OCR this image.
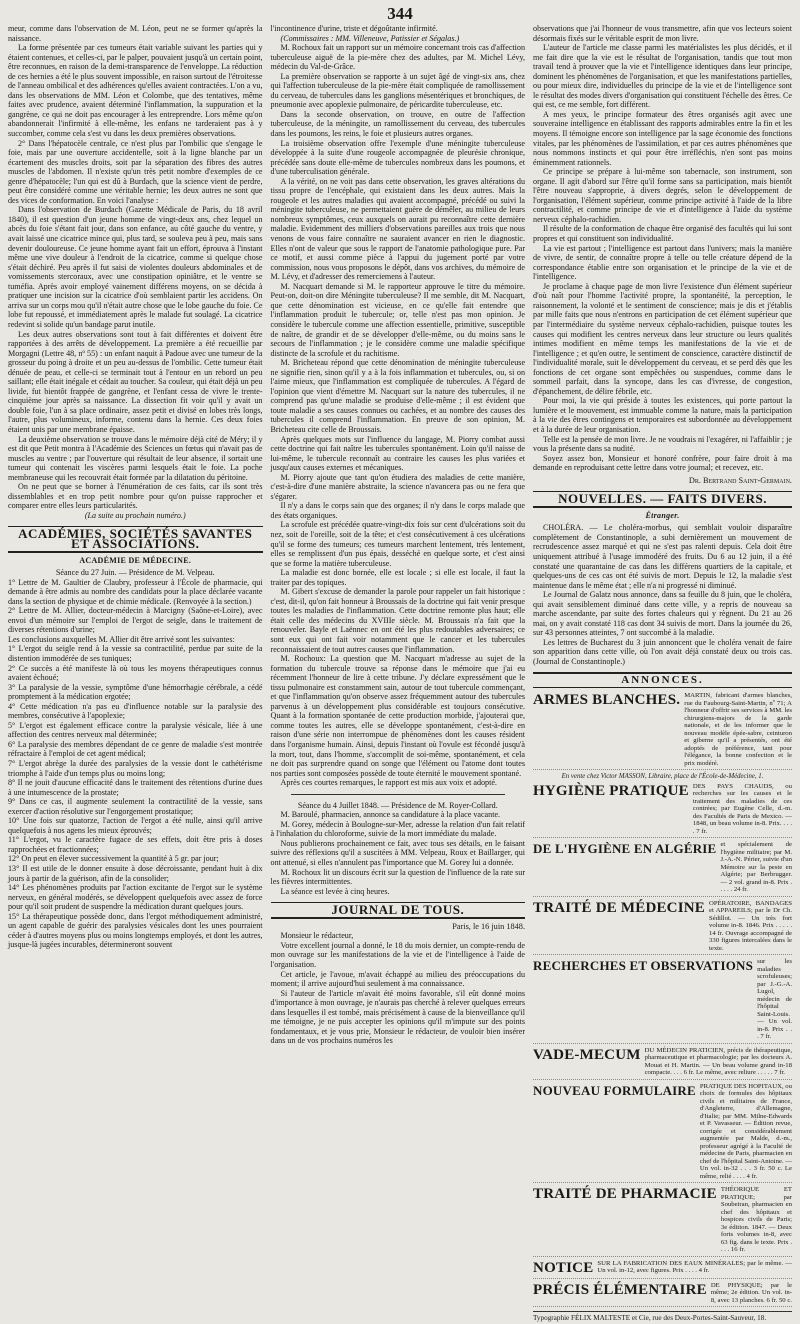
344

meur, comme dans l'observation de M. Léon, peut ne se former qu'après la naissance.

La forme présentée par ces tumeurs était variable suivant les parties qui y étaient contenues, et celles-ci, par le palper, pouvaient jusqu'à un certain point, être reconnues, en raison de la demi-transparence de l'enveloppe. La réduction de ces hernies a été le plus souvent impossible, en raison surtout de l'étroitesse de l'anneau ombilical et des adhérences qu'elles avaient contractées. L'on a vu, dans les observations de MM. Léon et Colombe, que des tentatives, même faites avec prudence, avaient déterminé l'inflammation, la suppuration et la gangrène, ce qui ne doit pas encourager à les entreprendre. Lors même qu'on abandonnerait l'infirmité à elle-même, les enfans ne tarderaient pas à y succomber, comme cela s'est vu dans les deux premières observations.

2° Dans l'hépatocèle centrale, ce n'est plus par l'ombilic que s'engage le foie, mais par une ouverture accidentelle, soit à la ligne blanche par un écartement des muscles droits, soit par la séparation des fibres des autres muscles de l'abdomen. Il n'existe qu'un très petit nombre d'exemples de ce genre d'hépatocèle; l'un qui est dû à Burdach, que la science vient de perdre, peut être considéré comme une véritable hernie; les deux autres ne sont que des vices de conformation. En voici l'analyse :

Dans l'observation de Burdach (Gazette Médicale de Paris, du 18 avril 1840), il est question d'un jeune homme de vingt-deux ans, chez lequel un abcès du foie s'étant fait jour, dans son enfance, au côté gauche du ventre, y avait laissé une cicatrice mince qui, plus tard, se souleva peu à peu, mais sans devenir douloureuse. Ce jeune homme ayant fait un effort, éprouva à l'instant même une vive douleur à l'endroit de la cicatrice, comme si quelque chose s'était déchiré. Peu après il fut saisi de violentes douleurs abdominales et de vomissements stercoraux, avec une constipation opiniâtre, et le ventre se tuméfia. Après avoir employé vainement différens moyens, on se décida à pratiquer une incision sur la cicatrice d'où semblaient partir les accidens. On arriva sur un corps mou qu'il n'était autre chose que le lobe gauche du foie. Ce lobe fut repoussé, et immédiatement après le malade fut soulagé. La cicatrice redevint si solide qu'un bandage parut inutile.

Les deux autres observations sont tout à fait différentes et doivent être rapportées à des arrêts de développement. La première a été recueillie par Morgagni (Lettre 48, nº 55) : un enfant naquit à Padoue avec une tumeur de la grosseur du poing à droite et un peu au-dessus de l'ombilic. Cette tumeur était dénuée de peau, et celle-ci se terminait tout à l'entour en un rebord un peu saillant; elle était inégale et cédait au toucher. Sa couleur, qui était déjà un peu livide, fut bientôt frappée de gangrène, et l'enfant cessa de vivre le trente-cinquième jour après sa naissance. La dissection fit voir qu'il y avait un double foie, l'un à sa place ordinaire, assez petit et divisé en lobes très longs, l'autre, plus volumineux, informe, contenu dans la hernie. Ces deux foies étaient unis par une membrane épaisse.

La deuxième observation se trouve dans le mémoire déjà cité de Méry; il y est dit que Petit montra à l'Académie des Sciences un fœtus qui n'avait pas de muscles au ventre ; par l'ouverture qui résultait de leur absence, il sortait une tumeur qui contenait les viscères parmi lesquels était le foie. La poche membraneuse qui les recouvrait était formée par la dilatation du péritoine.

On ne peut que se borner à l'énumération de ces faits, car ils sont très dissemblables et en trop petit nombre pour qu'on puisse rapprocher et comparer entre elles leurs particularités.

(La suite au prochain numéro.)

ACADÉMIES, SOCIÉTÉS SAVANTES ET ASSOCIATIONS.
ACADÉMIE DE MÉDECINE.

Séance du 27 Juin. — Présidence de M. Velpeau.

1° Lettre de M. Gaultier de Claubry, professeur à l'École de pharmacie, qui demande à être admis au nombre des candidats pour la place déclarée vacante dans la section de physique et de chimie médicale. (Renvoyée à la section.)

2° Lettre de M. Allier, docteur-médecin à Marcigny (Saône-et-Loire), avec envoi d'un mémoire sur l'emploi de l'ergot de seigle, dans le traitement de diverses rétentions d'urine;

Les conclusions auxquelles M. Allier dit être arrivé sont les suivantes:

1° L'ergot du seigle rend à la vessie sa contractilité, perdue par suite de la distention immodérée de ses tuniques;

2° Ce succès a été manifeste là où tous les moyens thérapeutiques connus avaient échoué;

3° La paralysie de la vessie, symptôme d'une hémorrhagie cérébrale, a cédé promptement à la médication ergotée;

4° Cette médication n'a pas eu d'influence notable sur la paralysie des membres, consécutive à l'apoplexie;

5° L'ergot est également efficace contre la paralysie vésicale, liée à une affection des centres nerveux mal déterminée;

6° La paralysie des membres dépendant de ce genre de maladie s'est montrée réfractaire à l'emploi de cet agent médical;

7° L'ergot abrège la durée des paralysies de la vessie dont le cathétérisme triomphe à l'aide d'un temps plus ou moins long;

8° Il ne jouit d'aucune efficacité dans le traitement des rétentions d'urine dues à une intumescence de la prostate;

9° Dans ce cas, il augmente seulement la contractilité de la vessie, sans exercer d'action résolutive sur l'engorgement prostatique;

10° Une fois sur quatorze, l'action de l'ergot a été nulle, ainsi qu'il arrive quelquefois à nos agens les mieux éprouvés;

11° L'ergot, vu le caractère fugace de ses effets, doit être pris à doses rapprochées et fractionnées;

12° On peut en élever successivement la quantité à 5 gr. par jour;

13° Il est utile de le donner ensuite à dose décroissante, pendant huit à dix jours à partir de la guérison, afin de la consolider;

14° Les phénomènes produits par l'action excitante de l'ergot sur le système nerveux, en général modérés, se développent quelquefois avec assez de force pour qu'il soit prudent de suspendre la médication durant quelques jours.

15° La thérapeutique possède donc, dans l'ergot méthodiquement administré, un agent capable de guérir des paralysies vésicales dont les unes pourraient céder à d'autres moyens plus ou moins longtemps employés, et dont les autres, jusque-là jugées incurables, détermineront souvent

l'incontinence d'urine, triste et dégoûtante infirmité.

(Commissaires : MM. Villeneuve, Patissier et Ségalas.)

M. Rochoux fait un rapport sur un mémoire concernant trois cas d'affection tuberculeuse aiguë de la pie-mère chez des adultes, par M. Michel Lévy, médecin du Val-de-Grâce.

La première observation se rapporte à un sujet âgé de vingt-six ans, chez qui l'affection tuberculeuse de la pie-mère était compliquée de ramollissement du cerveau, de tubercules dans les ganglions mésentériques et bronchiques, de pneumonie avec apoplexie pulmonaire, de péricardite tuberculeuse, etc.

Dans la seconde observation, on trouve, en outre de l'affection tuberculeuse, de la méningite, un ramollissement du cerveau, des tubercules dans les poumons, les reins, le foie et plusieurs autres organes.

La troisième observation offre l'exemple d'une méningite tuberculeuse développée à la suite d'une rougeole accompagnée de pleurésie chronique, précédée sans doute elle-même de tubercules nombreux dans les poumons, et d'une tuberculisation générale.

A la vérité, on ne voit pas dans cette observation, les graves altérations du tissu propre de l'encéphale, qui existaient dans les deux autres. Mais la rougeole et les autres maladies qui avaient accompagné, précédé ou suivi la méningite tuberculeuse, ne permettaient guère de démêler, au milieu de leurs nombreux symptômes, ceux auxquels on aurait pu reconnaître cette dernière maladie. Evidemment des milliers d'observations pareilles aux trois que nous venons de vous faire connaître ne sauraient avancer en rien le diagnostic. Elles n'ont de valeur que sous le rapport de l'anatomie pathologique pure. Par ce motif, et aussi comme pièce à l'appui du jugement porté par votre commission, nous vous proposons le dépôt, dans vos archives, du mémoire de M. Lévy, et d'adresser des remerciemens à l'auteur.

M. Nacquart demande si M. le rapporteur approuve le titre du mémoire. Peut-on, doit-on dire Méningite tuberculeuse? Il me semble, dit M. Nacquart, que cette dénomination est vicieuse, en ce qu'elle fait entendre que l'inflammation produit le tubercule; or, telle n'est pas mon opinion. Je considère le tubercule comme une affection essentielle, primitive, susceptible de naître, de grandir et de se développer d'elle-même, ou du moins sans le secours de l'inflammation ; je le considère comme une maladie spécifique distincte de la scrofule et du rachitisme.

M. Bricheteau répond que cette dénomination de méningite tuberculeuse ne signifie rien, sinon qu'il y a à la fois inflammation et tubercules, ou, si on l'aime mieux, que l'inflammation est compliquée de tubercules. A l'égard de l'opinion que vient d'émettre M. Nacquart sur la nature des tubercules, il ne comprend pas qu'une maladie se produise d'elle-même ; il est évident que toute maladie a ses causes connues ou cachées, et au nombre des causes des tubercules il comprend l'inflammation. En preuve de son opinion, M. Bricheteau cite celle de Broussais.

Après quelques mots sur l'influence du langage, M. Piorry combat aussi cette doctrine qui fait naître les tubercules spontanément. Loin qu'il naisse de lui-même, le tubercule reconnaît au contraire les causes les plus variées et jusqu'aux causes externes et mécaniques.

M. Piorry ajoute que tant qu'on étudiera des maladies de cette manière, c'est-à-dire d'une manière abstraite, la science n'avancera pas ou ne fera que s'égarer.

Il n'y a dans le corps sain que des organes; il n'y dans le corps malade que des états organiques.

La scrofule est précédée quatre-vingt-dix fois sur cent d'ulcérations soit du nez, soit de l'oreille, soit de la tête; et c'est consécutivement à ces ulcérations qu'il se forme des tumeurs; ces tumeurs marchent lentement, très lentement, elles se remplissent d'un pus épais, desséché en quelque sorte, et c'est ainsi que se forme la matière tuberculeuse.

La maladie est donc bornée, elle est locale ; si elle est locale, il faut la traiter par des topiques.

M. Gibert s'excuse de demander la parole pour rappeler un fait historique : c'est, dit-il, qu'on fait honneur à Broussais de la doctrine qui fait venir presque toutes les maladies de l'inflammation. Cette doctrine remonte plus haut; elle était celle des médecins du XVIIIe siècle. M. Broussais n'a fait que la renouveler. Bayle et Laënnec en ont été les plus redoutables adversaires; ce sont eux qui ont fait voir notamment que le cancer et les tubercules reconnaissaient de tout autres causes que l'inflammation.

M. Rochoux: La question que M. Nacquart m'adresse au sujet de la formation du tubercule trouve sa réponse dans le mémoire que j'ai eu récemment l'honneur de lire à cette tribune. J'y déclare expressément que le tissu pulmonaire est constamment sain, autour de tout tubercule commençant, et que l'inflammation qu'on observe assez fréquemment autour des tubercules parvenus à un développement plus considérable est toujours consécutive. Quant à la formation spontanée de cette production morbide, j'ajouterai que, comme toutes les autres, elle se développe spontanément, c'est-à-dire en raison d'une série non interrompue de phénomènes dont les causes résident dans l'organisme humain. Ainsi, depuis l'instant où l'ovule est fécondé jusqu'à la mort, tout, dans l'homme, s'accomplit de soi-même, spontanément, et cela ne doit pas surprendre quand on songe que l'élément ou l'atome dont toutes nos parties sont composées possède de toute éternité le mouvement spontané.

Après ces courtes remarques, le rapport est mis aux voix et adopté.

Séance du 4 Juillet 1848. — Présidence de M. Royer-Collard.

M. Baroulé, pharmacien, annonce sa candidature à la place vacante.

M. Gorey, médecin à Boulogne-sur-Mer, adresse la relation d'un fait relatif à l'inhalation du chloroforme, suivie de la mort immédiate du malade.

Nous publierons prochainement ce fait, avec tous ses détails, en le faisant suivre des réflexions qu'il a suscitées à MM. Velpeau, Roux et Baillarger, qui ont attenué, si elles n'annulent pas l'importance que M. Gorey lui a donnée.

M. Rochoux lit un discours écrit sur la question de l'influence de la rate sur les fièvres intermittentes.

La séance est levée à cinq heures.

JOURNAL DE TOUS.

Paris, le 16 juin 1848.

Monsieur le rédacteur,

Votre excellent journal a donné, le 18 du mois dernier, un compte-rendu de mon ouvrage sur les manifestations de la vie et de l'intelligence à l'aide de l'organisation.

Cet article, je l'avoue, m'avait échappé au milieu des préoccupations du moment; il arrive aujourd'hui seulement à ma connaissance.

Si l'auteur de l'article m'avait été moins favorable, s'il eût donné moins d'importance à mon ouvrage, je n'aurais pas cherché à relever quelques erreurs dans lesquelles il est tombé, mais précisément à cause de la bienveillance qu'il me témoigne, je ne puis accepter les opinions qu'il m'impute sur des points fondamentaux, et je vous prie, Monsieur le rédacteur, de vouloir bien insérer dans un de vos prochains numéros les

observations que j'ai l'honneur de vous transmettre, afin que vos lecteurs soient désormais fixés sur le véritable esprit de mon livre.

L'auteur de l'article me classe parmi les matérialistes les plus décidés, et il me fait dire que la vie est le résultat de l'organisation, tandis que tout mon travail tend à prouver que la vie et l'intelligence identiques dans leur principe, dominent les phénomènes de l'organisation, et que les manifestations partielles, ou pour mieux dire, individuelles du principe de la vie et de l'intelligence sont le résultat des modes divers d'organisation qui constituent l'échelle des êtres. Ce qui est, ce me semble, fort différent.

A mes yeux, le principe formateur des êtres organisés agit avec une souveraine intelligence en établissant des rapports admirables entre la fin et les moyens. Il témoigne encore son intelligence par la sage économie des fonctions vitales, par les phénomènes de l'assimilation, et par ces autres phénomènes que nous nommons instincts et qui pour être irréfléchis, n'en sont pas moins éminemment rationnels.

Ce principe se prépare à lui-même son tabernacle, son instrument, son organe. Il agit d'abord sur l'être qu'il forme sans sa participation, mais bientôt l'être nouveau s'approprie, à divers degrés, selon le développement de l'organisation, l'élément supérieur, comme principe activité à l'aide de la libre contractilité, et comme principe de vie et d'intelligence à l'aide du système nerveux céphalo-rachidien.

Il résulte de la conformation de chaque être organisé des facultés qui lui sont propres et qui constituent son individualité.

La vie est partout ; l'intelligence est partout dans l'univers; mais la manière de vivre, de sentir, de connaître propre à telle ou telle créature dépend de la correspondance établie entre son organisation et le principe de la vie et de l'intelligence.

Je proclame à chaque page de mon livre l'existence d'un élément supérieur d'où naît pour l'homme l'activité propre, la spontanéité, la perception, le raisonnement, la volonté et le sentiment de conscience; mais je dis et j'établis par mille faits que nous n'entrons en participation de cet élément supérieur que par l'intermédiaire du système nerveux céphalo-rachidien, puisque toutes les causes qui modifient les centres nerveux dans leur structure ou leurs qualités intimes modifient en même temps les manifestations de la vie et de l'intelligence ; et qu'en outre, le sentiment de conscience, caractère distinctif de l'individualité morale, suit le développement du cerveau, et se perd dès que les fonctions de cet organe sont empêchées ou suspendues, comme dans le sommeil parfait, dans la syncope, dans les cas d'ivresse, de congestion, d'épanchement, de délire fébrile, etc.

Pour moi, la vie qui préside à toutes les existences, qui porte partout la lumière et le mouvement, est immuable comme la nature, mais la participation à la vie des êtres contingens et temporaires est subordonnée au développement et à la durée de leur organisation.

Telle est la pensée de mon livre. Je ne voudrais ni l'exagérer, ni l'affaiblir ; je vous la présente dans sa nudité.

Soyez assez bon, Monsieur et honoré confrère, pour faire droit à ma demande en reproduisant cette lettre dans votre journal; et recevez, etc.

Dr. Bertrand Saint-Germain.

NOUVELLES. — FAITS DIVERS.
Étranger.

CHOLÉRA. — Le choléra-morbus, qui semblait vouloir disparaître complètement de Constantinople, a subi dernièrement un mouvement de recrudescence assez marqué et qui ne s'est pas ralenti depuis. Cela doit être uniquement attribué à l'usage immodéré des fruits. Du 6 au 12 juin, il a été constaté une quarantaine de cas dans les différens quartiers de la capitale, et quelques-uns de ces cas ont été suivis de mort. Depuis le 12, la maladie s'est maintenue dans le même état ; elle n'a ni progressé ni diminué.

Le Journal de Galatz nous annonce, dans sa feuille du 8 juin, que le choléra, qui avait sensiblement diminué dans cette ville, y a repris de nouveau sa marche ascendante, par suite des fortes chaleurs qui y règnent. Du 21 au 26 mai, on y avait constaté 118 cas dont 34 suivis de mort. Dans la journée du 26, sur 43 personnes atteintes, 7 ont succombé à la maladie.

Les lettres de Bucharest du 3 juin annoncent que le choléra venait de faire son apparition dans cette ville, où l'on avait déjà constaté deux ou trois cas. (Journal de Constantinople.)

ANNONCES.
ARMES BLANCHES. MARTIN, fabricant d'armes blanches, rue du Faubourg-Saint-Martin, nº 71; A l'honneur d'offrir ses services à MM. les chirurgiens-majors de la garde nationale, et de les informer que le nouveau modèle épée-sabre, ceinturon et giberne qu'il a présentés, ont été adoptés de préférence, tant pour l'élégance, la bonne confection et le prix modéré.
En vente chez Victor MASSON, Libraire, place de l'École-de-Médecine, 1.
HYGIÈNE PRATIQUE DES PAYS CHAUDS, ou recherches sur les causes et le traitement des maladies de ces contrées; par Eugène Celle, d.-m. des Facultés de Paris de Mexico. — 1848, un beau volume in-8. Prix. . . . . 7 fr.
DE L'HYGIÈNE EN ALGÉRIE et spécialement de l'hygiène militaire; par M. J.-A.-N. Périer, suivie d'un Mémoire sur la peste en Algérie; par Berbrugger. — 2 vol. grand in-8. Prix . . . . . 24 fr.
TRAITÉ DE MÉDECINE OPÉRATOIRE, BANDAGES et APPAREILS; par le Dr Ch. Sédillot. — Un très fort volume in-8. 1846. Prix . . . . . 14 fr. Ouvrage accompagné de 330 figures intercalées dans le texte.
RECHERCHES ET OBSERVATIONS sur les maladies scrofuleuses; par J.-G.-A. Lugol, médecin de l'hôpital Saint-Louis. — Un vol. in-8. Prix . . . 7 fr.
VADE-MECUM DU MÉDECIN PRATICIEN, précis de thérapeutique, pharmaceutique et pharmacologie; par les docteurs A. Mouat et H. Martin. — Un beau volume grand in-18 compacte. . . . 6 fr. Le même, avec reliure . . . . . 7 fr.
NOUVEAU FORMULAIRE PRATIQUE DES HOPITAUX, ou choix de formules des hôpitaux civils et militaires de France, d'Angleterre, d'Allemagne, d'Italie; par MM. Milne-Edwards et P. Vavasseur. — Édition revue, corrigée et considérablement augmentée par Malde, d.-m., professeur agrégé à la Faculté de médecine de Paris, pharmacien en chef de l'hôpital Saint-Antoine. — Un vol. in-32 . . . 3 fr. 50 c. Le même, relié . . . . 4 fr.
TRAITÉ DE PHARMACIE THÉORIQUE ET PRATIQUE; par Soubeiran, pharmacien en chef des hôpitaux et hospices civils de Paris; 3e édition. 1847. — Deux forts volumes in-8, avec 63 fig. dans le texte. Prix . . . . 16 fr.
NOTICE SUR LA FABRICATION DES EAUX MINÉRALES; par le même. — Un vol. in-12, avec figures. Prix . . . . 4 fr.
PRÉCIS ÉLÉMENTAIRE DE PHYSIQUE; par le même; 2e édition. Un vol. in-8, avec 13 planches. 6 fr. 50 c.
Typographie FÉLIX MALTESTE et Cie, rue des Deux-Portes-Saint-Sauveur, 18.
